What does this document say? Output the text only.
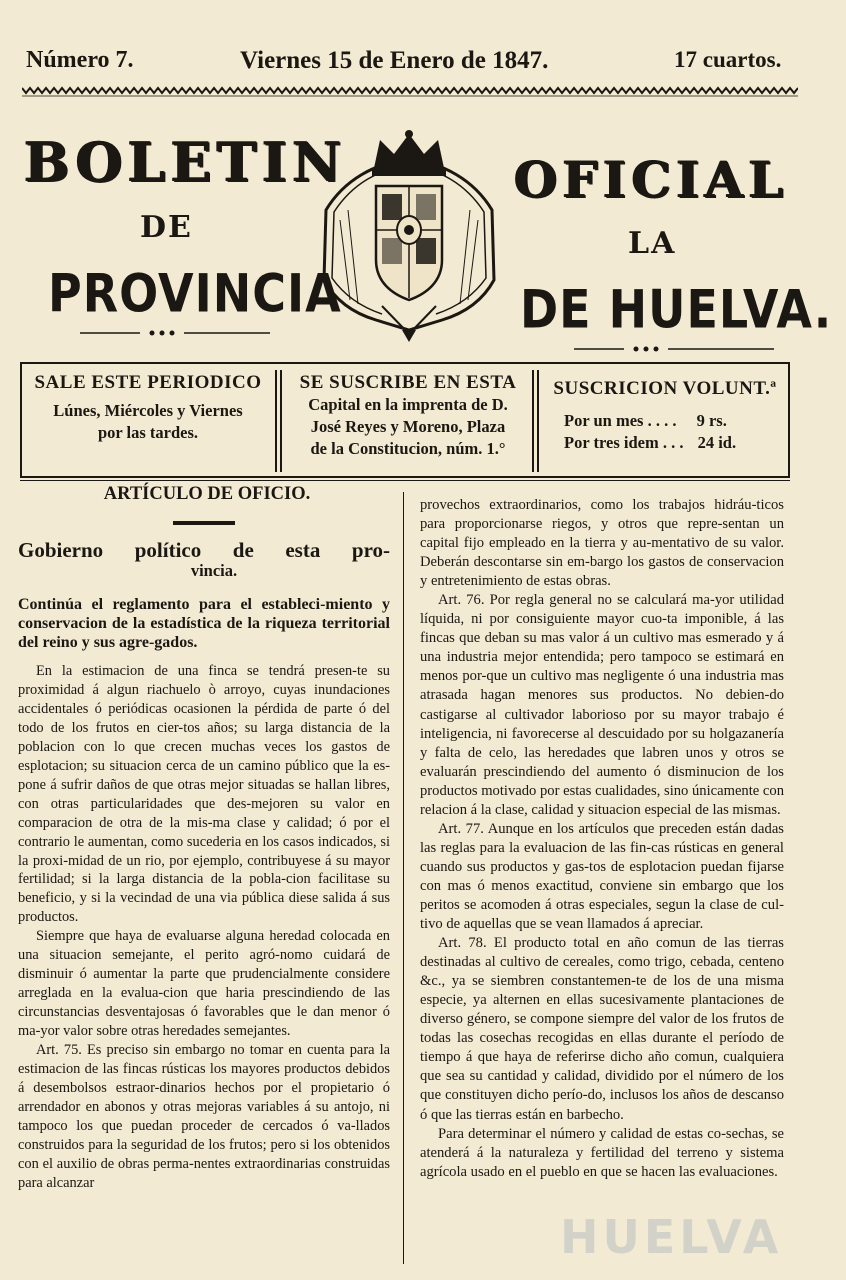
Número 7.	Viernes 15 de Enero de 1847.	17 cuartos.
BOLETIN	OFICIAL
DE	LA
PROVINCIA	DE HUELVA.
SALE ESTE PERIODICO
Lúnes, Miércoles y Viernes
por las tardes.
SE SUSCRIBE EN ESTA
Capital en la imprenta de D.
José Reyes y Moreno, Plaza
de la Constitucion, núm. 1.°
SUSCRICION VOLUNT.ª
Por un mes . . . . 9 rs.
Por tres idem . . . 24 id.
ARTÍCULO DE OFICIO.
Gobierno político de esta pro-
vincia.
Continúa el reglamento para el estableci-miento y conservacion de la estadística de la riqueza territorial del reino y sus agre-gados.

En la estimacion de una finca se tendrá presen-te su proximidad á algun riachuelo ò arroyo, cuyas inundaciones accidentales ó periódicas ocasionen la pérdida de parte ó del todo de los frutos en cier-tos años; su larga distancia de la poblacion con lo que crecen muchas veces los gastos de esplotacion; su situacion cerca de un camino público que la es-pone á sufrir daños de que otras mejor situadas se hallan libres, con otras particularidades que des-mejoren su valor en comparacion de otra de la mis-ma clase y calidad; ó por el contrario le aumentan, como sucederia en los casos indicados, si la proxi-midad de un rio, por ejemplo, contribuyese á su mayor fertilidad; si la larga distancia de la pobla-cion facilitase su beneficio, y si la vecindad de una via pública diese salida á sus productos.

Siempre que haya de evaluarse alguna heredad colocada en una situacion semejante, el perito agró-nomo cuidará de disminuir ó aumentar la parte que prudencialmente considere arreglada en la evalua-cion que haria prescindiendo de las circunstancias desventajosas ó favorables que le dan menor ó ma-yor valor sobre otras heredades semejantes.

Art. 75. Es preciso sin embargo no tomar en cuenta para la estimacion de las fincas rústicas los mayores productos debidos á desembolsos estraor-dinarios hechos por el propietario ó arrendador en abonos y otras mejoras variables á su antojo, ni tampoco los que puedan proceder de cercados ó va-llados construidos para la seguridad de los frutos; pero si los obtenidos con el auxilio de obras perma-nentes extraordinarias construidas para alcanzar

provechos extraordinarios, como los trabajos hidráu-ticos para proporcionarse riegos, y otros que repre-sentan un capital fijo empleado en la tierra y au-mentativo de su valor. Deberán descontarse sin em-bargo los gastos de conservacion y entretenimiento de estas obras.

Art. 76. Por regla general no se calculará ma-yor utilidad líquida, ni por consiguiente mayor cuo-ta imponible, á las fincas que deban su mas valor á un cultivo mas esmerado y á una industria mejor entendida; pero tampoco se estimará en menos por-que un cultivo mas negligente ó una industria mas atrasada hagan menores sus productos. No debien-do castigarse al cultivador laborioso por su mayor trabajo é inteligencia, ni favorecerse al descuidado por su holgazanería y falta de celo, las heredades que labren unos y otros se evaluarán prescindiendo del aumento ó disminucion de los productos motivado por estas cualidades, sino únicamente con relacion á la clase, calidad y situacion especial de las mismas.

Art. 77. Aunque en los artículos que preceden están dadas las reglas para la evaluacion de las fin-cas rústicas en general cuando sus productos y gas-tos de esplotacion puedan fijarse con mas ó menos exactitud, conviene sin embargo que los peritos se acomoden á otras especiales, segun la clase de cul-tivo de aquellas que se vean llamados á apreciar.

Art. 78. El producto total en año comun de las tierras destinadas al cultivo de cereales, como trigo, cebada, centeno &c., ya se siembren constantemen-te de los de una misma especie, ya alternen en ellas sucesivamente plantaciones de diverso género, se compone siempre del valor de los frutos de todas las cosechas recogidas en ellas durante el período de tiempo á que haya de referirse dicho año comun, cualquiera que sea su cantidad y calidad, dividido por el número de los que constituyen dicho perío-do, inclusos los años de descanso ó que las tierras están en barbecho.

Para determinar el número y calidad de estas co-sechas, se atenderá á la naturaleza y fertilidad del terreno y sistema agrícola usado en el pueblo en que se hacen las evaluaciones.

HUELVA
